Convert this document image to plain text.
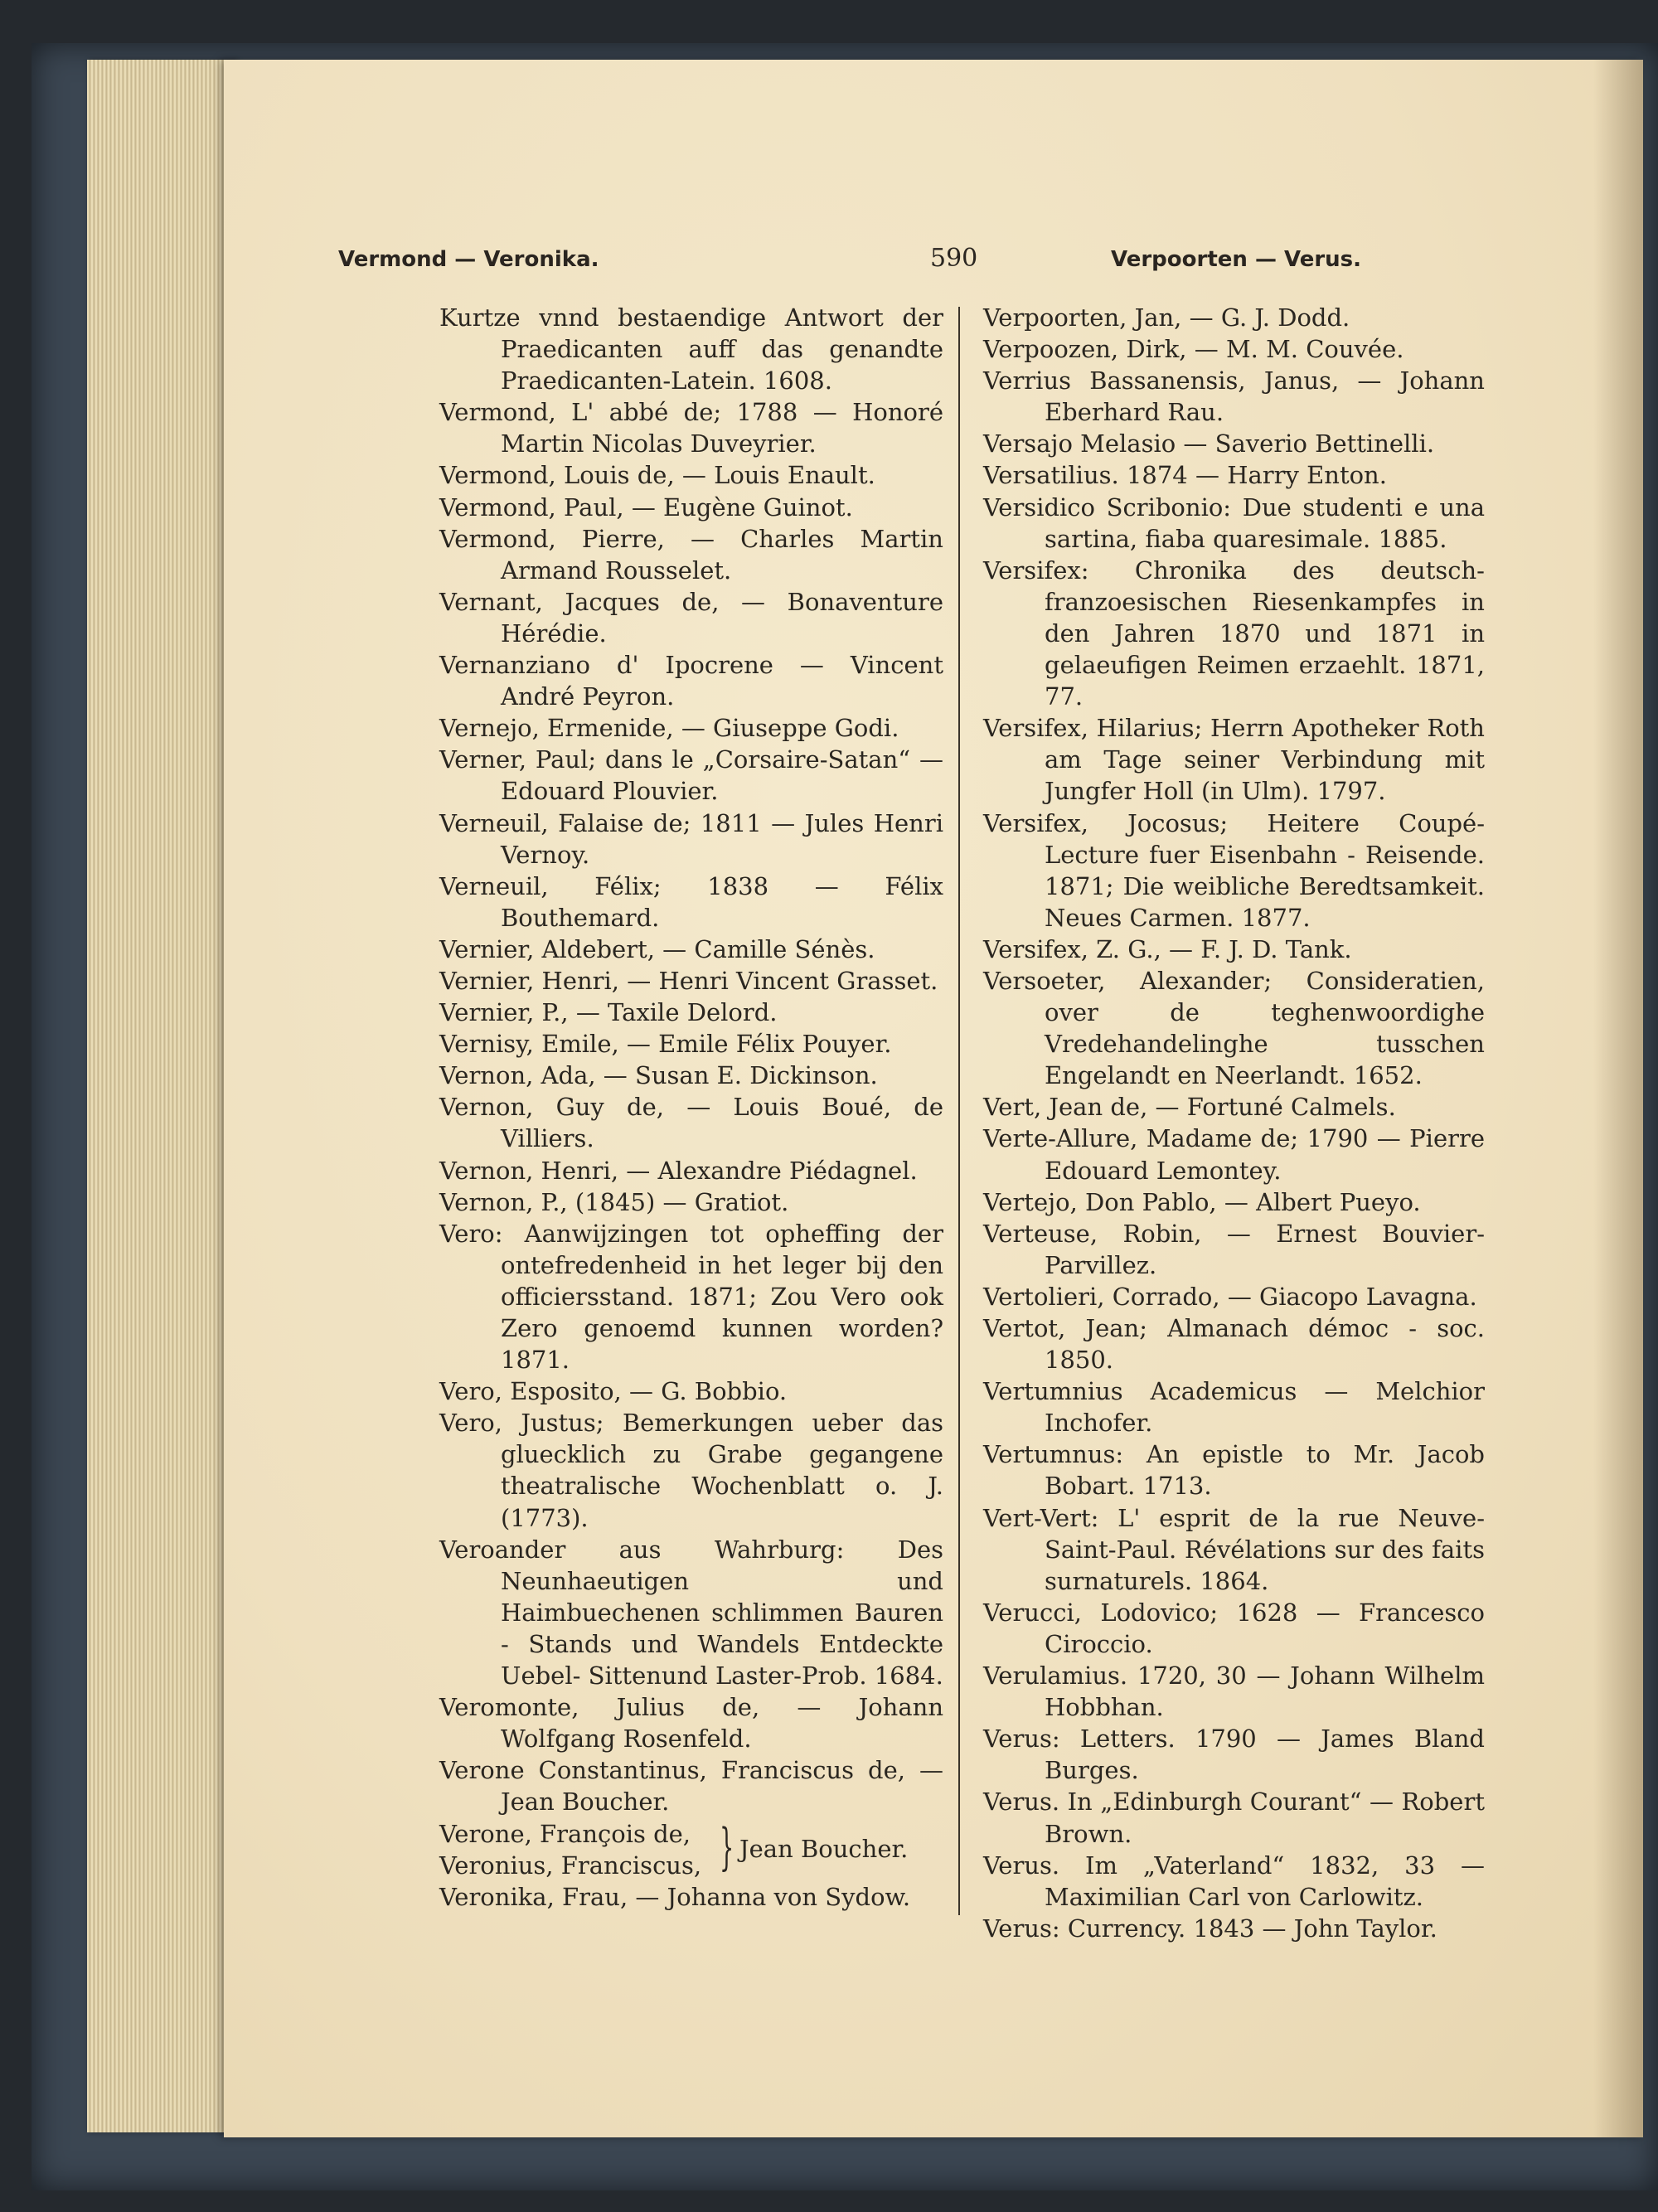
Vermond — Veronika.	590	Verpoorten — Verus.
Kurtze vnnd bestaendige Antwort der Praedicanten auff das genandte Praedicanten-Latein. 1608.
Vermond, L' abbé de; 1788 — Honoré Martin Nicolas Duveyrier.
Vermond, Louis de, — Louis Enault.
Vermond, Paul, — Eugène Guinot.
Vermond, Pierre, — Charles Martin Armand Rousselet.
Vernant, Jacques de, — Bonaventure Hérédie.
Vernanziano d' Ipocrene — Vincent André Peyron.
Vernejo, Ermenide, — Giuseppe Godi.
Verner, Paul; dans le „Corsaire-Satan“ — Edouard Plouvier.
Verneuil, Falaise de; 1811 — Jules Henri Vernoy.
Verneuil, Félix; 1838 — Félix Bouthemard.
Vernier, Aldebert, — Camille Sénès.
Vernier, Henri, — Henri Vincent Grasset.
Vernier, P., — Taxile Delord.
Vernisy, Emile, — Emile Félix Pouyer.
Vernon, Ada, — Susan E. Dickinson.
Vernon, Guy de, — Louis Boué, de Villiers.
Vernon, Henri, — Alexandre Piédagnel.
Vernon, P., (1845) — Gratiot.
Vero: Aanwijzingen tot opheffing der ontefredenheid in het leger bij den officiersstand. 1871; Zou Vero ook Zero genoemd kunnen worden? 1871.
Vero, Esposito, — G. Bobbio.
Vero, Justus; Bemerkungen ueber das gluecklich zu Grabe gegangene theatralische Wochenblatt o. J. (1773).
Veroander aus Wahrburg: Des Neunhaeutigen und Haimbuechenen schlimmen Bauren - Stands und Wandels Entdeckte Uebel- Sittenund Laster-Prob. 1684.
Veromonte, Julius de, — Johann Wolfgang Rosenfeld.
Verone Constantinus, Franciscus de, — Jean Boucher.
Verone, François de,
Veronius, Franciscus, } Jean Boucher.
Veronika, Frau, — Johanna von Sydow.
Verpoorten, Jan, — G. J. Dodd.
Verpoozen, Dirk, — M. M. Couvée.
Verrius Bassanensis, Janus, — Johann Eberhard Rau.
Versajo Melasio — Saverio Bettinelli.
Versatilius. 1874 — Harry Enton.
Versidico Scribonio: Due studenti e una sartina, fiaba quaresimale. 1885.
Versifex: Chronika des deutsch-franzoesischen Riesenkampfes in den Jahren 1870 und 1871 in gelaeufigen Reimen erzaehlt. 1871, 77.
Versifex, Hilarius; Herrn Apotheker Roth am Tage seiner Verbindung mit Jungfer Holl (in Ulm). 1797.
Versifex, Jocosus; Heitere Coupé-Lecture fuer Eisenbahn - Reisende. 1871; Die weibliche Beredtsamkeit. Neues Carmen. 1877.
Versifex, Z. G., — F. J. D. Tank.
Versoeter, Alexander; Consideratien, over de teghenwoordighe Vredehandelinghe tusschen Engelandt en Neerlandt. 1652.
Vert, Jean de, — Fortuné Calmels.
Verte-Allure, Madame de; 1790 — Pierre Edouard Lemontey.
Vertejo, Don Pablo, — Albert Pueyo.
Verteuse, Robin, — Ernest Bouvier-Parvillez.
Vertolieri, Corrado, — Giacopo Lavagna.
Vertot, Jean; Almanach démoc - soc. 1850.
Vertumnius Academicus — Melchior Inchofer.
Vertumnus: An epistle to Mr. Jacob Bobart. 1713.
Vert-Vert: L' esprit de la rue Neuve-Saint-Paul. Révélations sur des faits surnaturels. 1864.
Verucci, Lodovico; 1628 — Francesco Ciroccio.
Verulamius. 1720, 30 — Johann Wilhelm Hobbhan.
Verus: Letters. 1790 — James Bland Burges.
Verus. In „Edinburgh Courant“ — Robert Brown.
Verus. Im „Vaterland“ 1832, 33 — Maximilian Carl von Carlowitz.
Verus: Currency. 1843 — John Taylor.
